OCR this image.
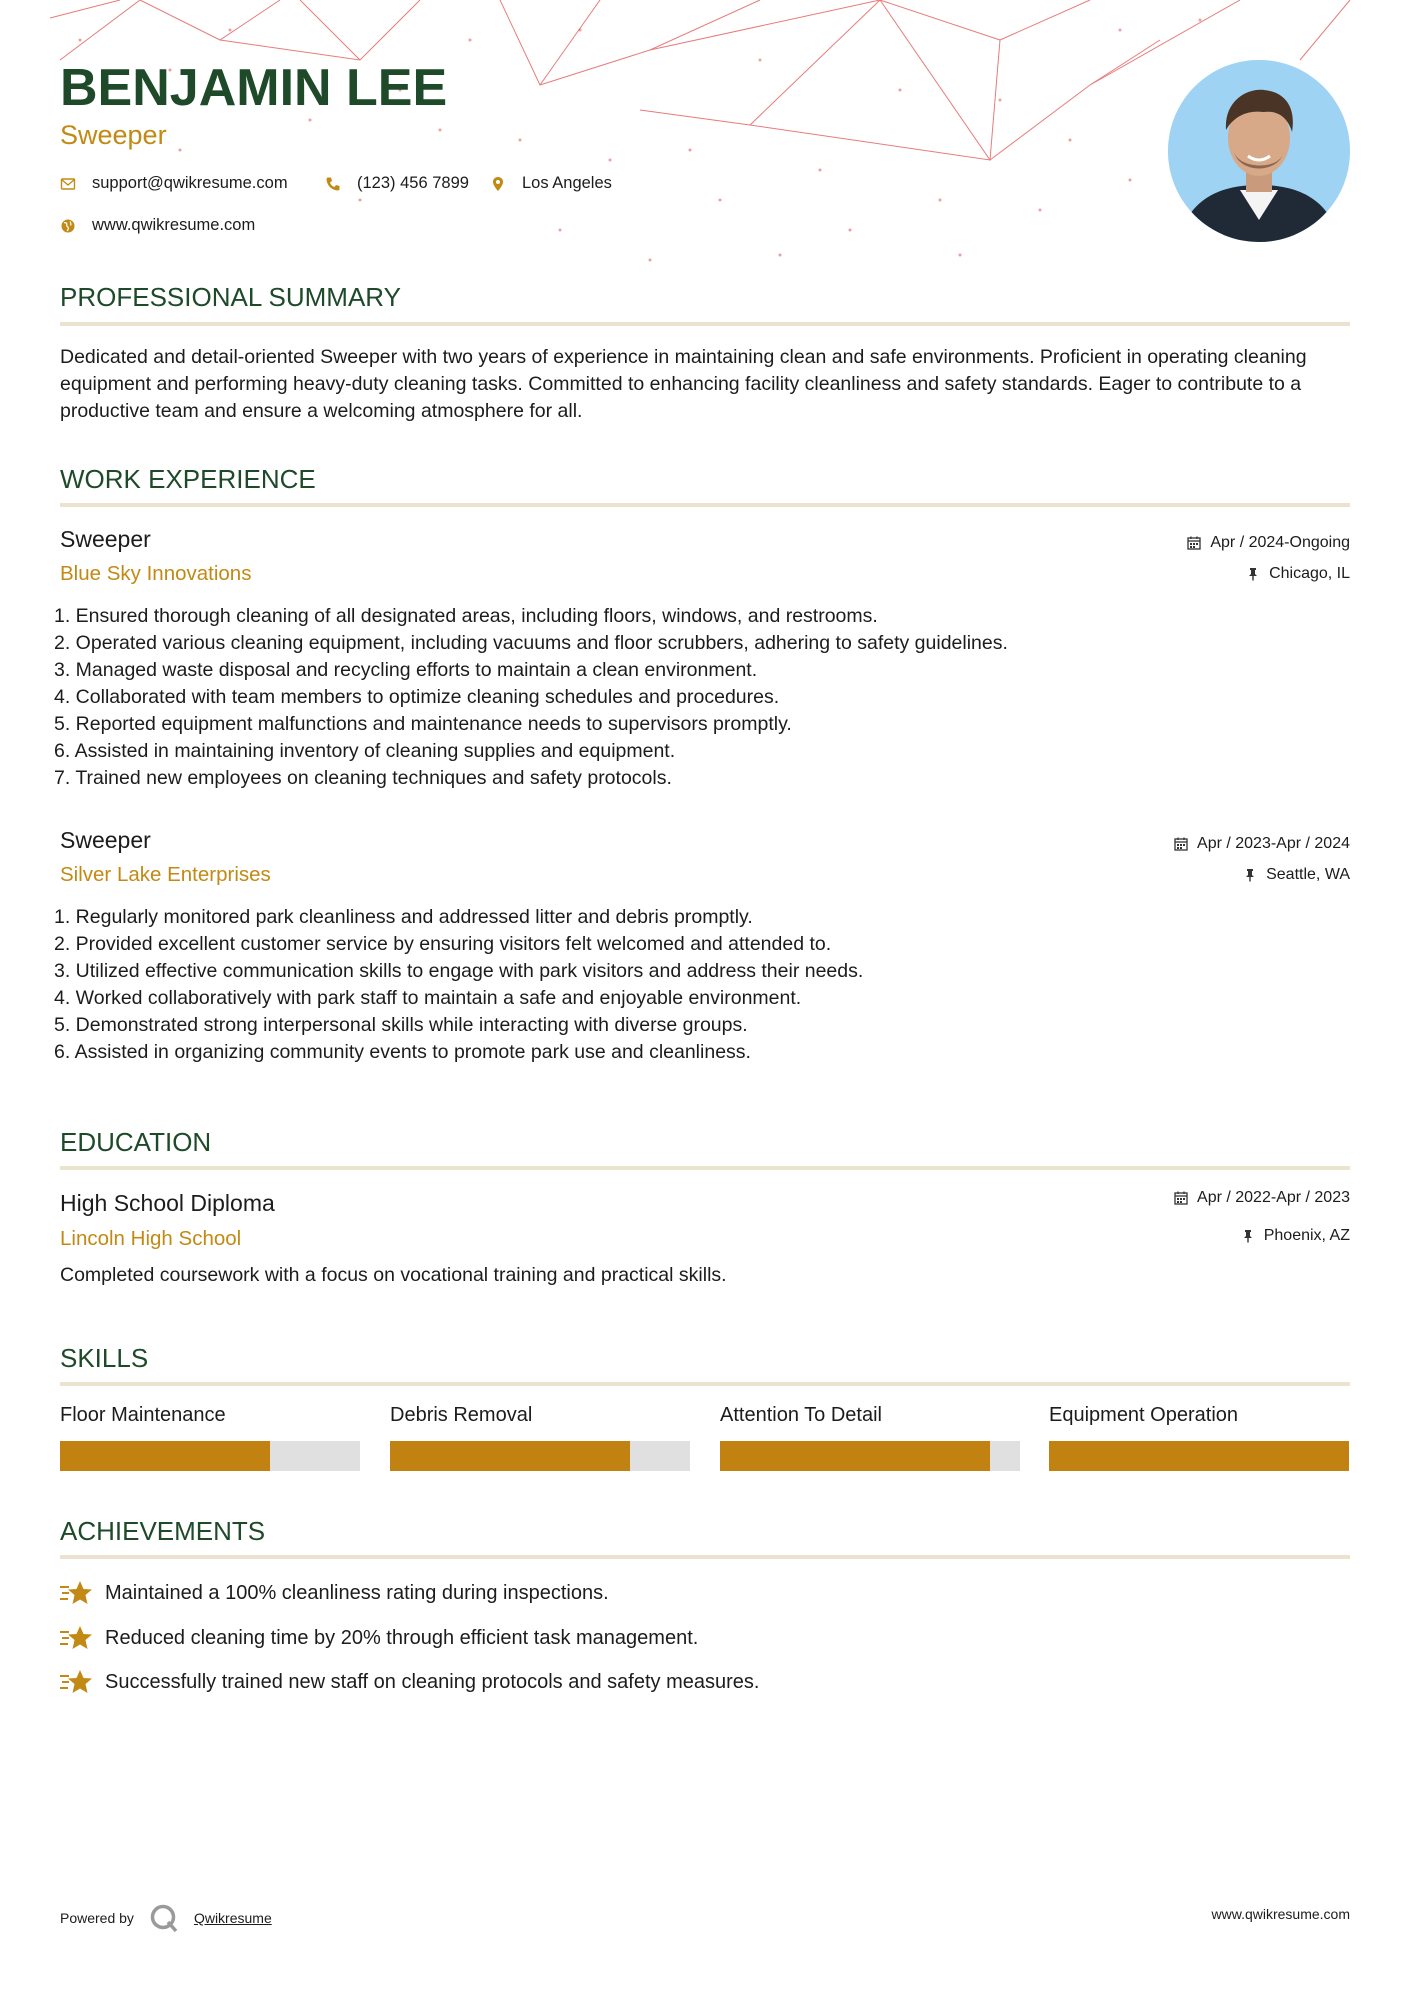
BENJAMIN LEE
Sweeper
support@qwikresume.com	(123) 456 7899	Los Angeles
www.qwikresume.com
PROFESSIONAL SUMMARY
Dedicated and detail-oriented Sweeper with two years of experience in maintaining clean and safe environments. Proficient in operating cleaning equipment and performing heavy-duty cleaning tasks. Committed to enhancing facility cleanliness and safety standards. Eager to contribute to a productive team and ensure a welcoming atmosphere for all.
WORK EXPERIENCE
Sweeper
Blue Sky Innovations
Apr / 2024-Ongoing
Chicago, IL
1. Ensured thorough cleaning of all designated areas, including floors, windows, and restrooms.
2. Operated various cleaning equipment, including vacuums and floor scrubbers, adhering to safety guidelines.
3. Managed waste disposal and recycling efforts to maintain a clean environment.
4. Collaborated with team members to optimize cleaning schedules and procedures.
5. Reported equipment malfunctions and maintenance needs to supervisors promptly.
6. Assisted in maintaining inventory of cleaning supplies and equipment.
7. Trained new employees on cleaning techniques and safety protocols.
Sweeper
Silver Lake Enterprises
Apr / 2023-Apr / 2024
Seattle, WA
1. Regularly monitored park cleanliness and addressed litter and debris promptly.
2. Provided excellent customer service by ensuring visitors felt welcomed and attended to.
3. Utilized effective communication skills to engage with park visitors and address their needs.
4. Worked collaboratively with park staff to maintain a safe and enjoyable environment.
5. Demonstrated strong interpersonal skills while interacting with diverse groups.
6. Assisted in organizing community events to promote park use and cleanliness.
EDUCATION
High School Diploma
Lincoln High School
Apr / 2022-Apr / 2023
Phoenix, AZ
Completed coursework with a focus on vocational training and practical skills.
SKILLS
Floor Maintenance	Debris Removal	Attention To Detail	Equipment Operation
ACHIEVEMENTS
Maintained a 100% cleanliness rating during inspections.
Reduced cleaning time by 20% through efficient task management.
Successfully trained new staff on cleaning protocols and safety measures.
Powered by	Qwikresume	www.qwikresume.com
